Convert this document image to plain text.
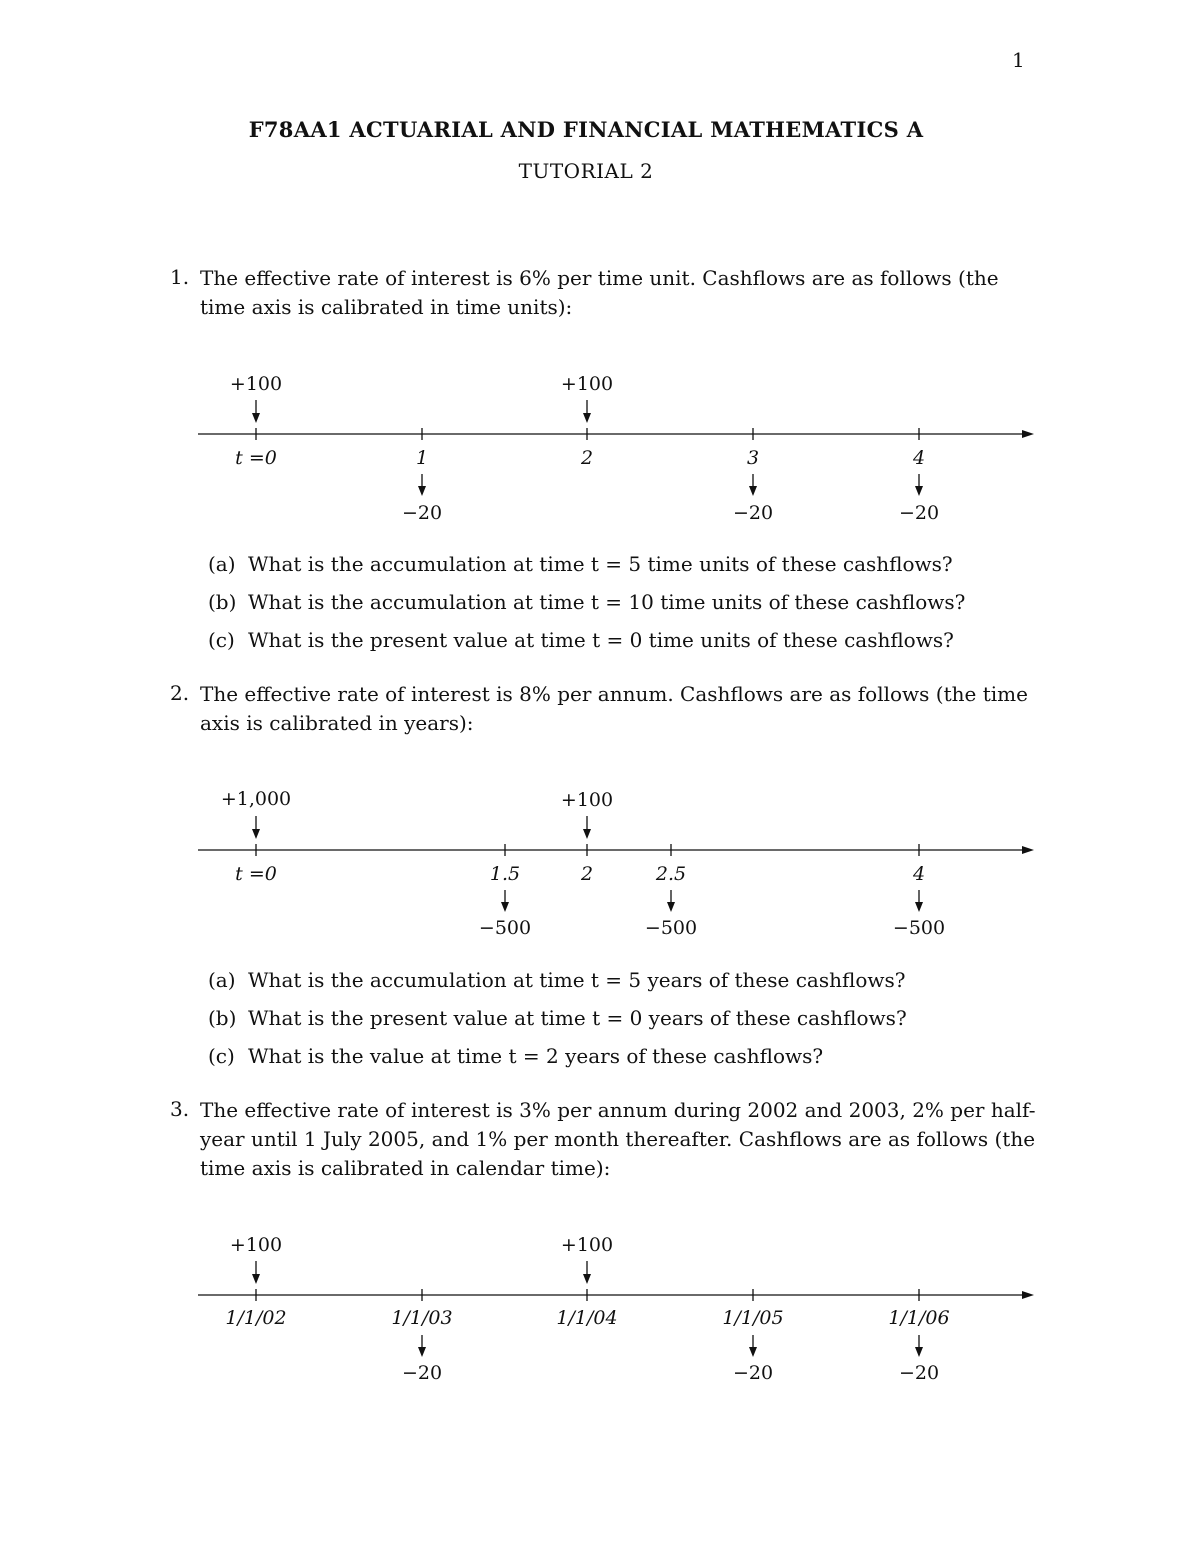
1
F78AA1 ACTUARIAL AND FINANCIAL MATHEMATICS A
TUTORIAL 2
1. The effective rate of interest is 6% per time unit. Cashflows are as follows (the time axis is calibrated in time units):
t =0
+100
1
−20
2
+100
3
−20
4
−20
(a) What is the accumulation at time t = 5 time units of these cashflows?
(b) What is the accumulation at time t = 10 time units of these cashflows?
(c) What is the present value at time t = 0 time units of these cashflows?
2. The effective rate of interest is 8% per annum. Cashflows are as follows (the time axis is calibrated in years):
t =0
+1,000
1.5
−500
2
+100
2.5
−500
4
−500
(a) What is the accumulation at time t = 5 years of these cashflows?
(b) What is the present value at time t = 0 years of these cashflows?
(c) What is the value at time t = 2 years of these cashflows?
3. The effective rate of interest is 3% per annum during 2002 and 2003, 2% per half-year until 1 July 2005, and 1% per month thereafter. Cashflows are as follows (the time axis is calibrated in calendar time):
1/1/02
+100
1/1/03
−20
1/1/04
+100
1/1/05
−20
1/1/06
−20
